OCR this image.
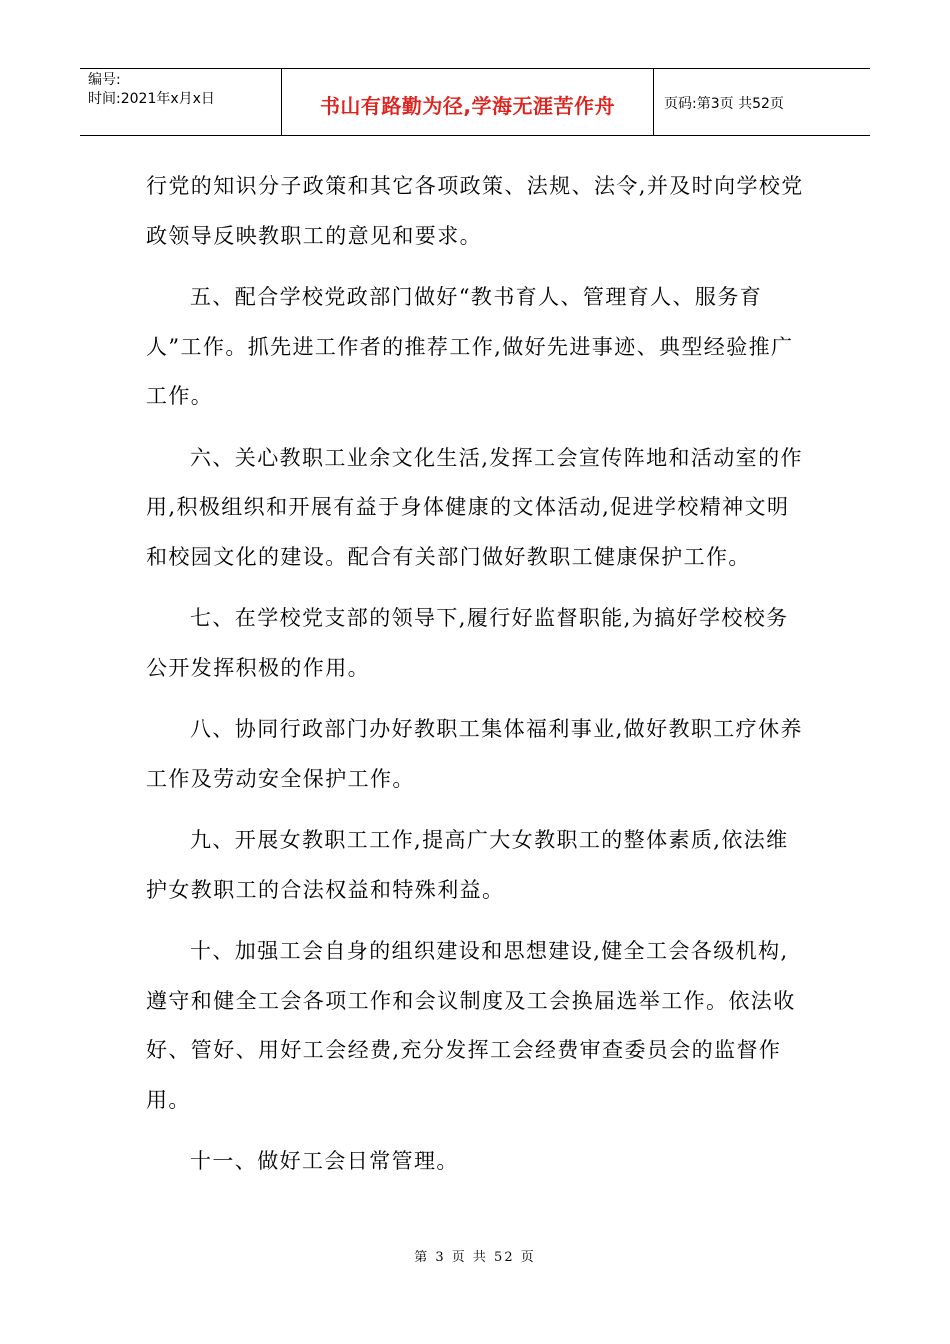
编号:
时间:2021年x月x日	书山有路勤为径,学海无涯苦作舟	页码:第3页 共52页

行党的知识分子政策和其它各项政策、法规、法令,并及时向学校党政领导反映教职工的意见和要求。

五、配合学校党政部门做好“教书育人、管理育人、服务育人”工作。抓先进工作者的推荐工作,做好先进事迹、典型经验推广工作。

六、关心教职工业余文化生活,发挥工会宣传阵地和活动室的作用,积极组织和开展有益于身体健康的文体活动,促进学校精神文明和校园文化的建设。配合有关部门做好教职工健康保护工作。

七、在学校党支部的领导下,履行好监督职能,为搞好学校校务公开发挥积极的作用。

八、协同行政部门办好教职工集体福利事业,做好教职工疗休养工作及劳动安全保护工作。

九、开展女教职工工作,提高广大女教职工的整体素质,依法维护女教职工的合法权益和特殊利益。

十、加强工会自身的组织建设和思想建设,健全工会各级机构,遵守和健全工会各项工作和会议制度及工会换届选举工作。依法收好、管好、用好工会经费,充分发挥工会经费审查委员会的监督作用。

十一、做好工会日常管理。

第 3 页 共 52 页
